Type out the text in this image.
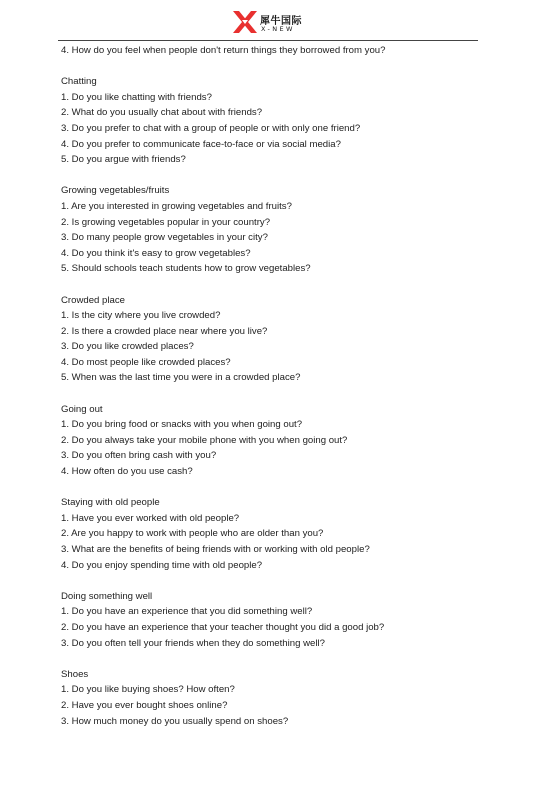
犀牛国际
X-NEW
4. How do you feel when people don't return things they borrowed from you?
Chatting
1. Do you like chatting with friends?
2. What do you usually chat about with friends?
3. Do you prefer to chat with a group of people or with only one friend?
4. Do you prefer to communicate face-to-face or via social media?
5. Do you argue with friends?
Growing vegetables/fruits
1. Are you interested in growing vegetables and fruits?
2. Is growing vegetables popular in your country?
3. Do many people grow vegetables in your city?
4. Do you think it's easy to grow vegetables?
5. Should schools teach students how to grow vegetables?
Crowded place
1. Is the city where you live crowded?
2. Is there a crowded place near where you live?
3. Do you like crowded places?
4. Do most people like crowded places?
5. When was the last time you were in a crowded place?
Going out
1. Do you bring food or snacks with you when going out?
2. Do you always take your mobile phone with you when going out?
3. Do you often bring cash with you?
4. How often do you use cash?
Staying with old people
1. Have you ever worked with old people?
2. Are you happy to work with people who are older than you?
3. What are the benefits of being friends with or working with old people?
4. Do you enjoy spending time with old people?
Doing something well
1. Do you have an experience that you did something well?
2. Do you have an experience that your teacher thought you did a good job?
3. Do you often tell your friends when they do something well?
Shoes
1. Do you like buying shoes? How often?
2. Have you ever bought shoes online?
3. How much money do you usually spend on shoes?
